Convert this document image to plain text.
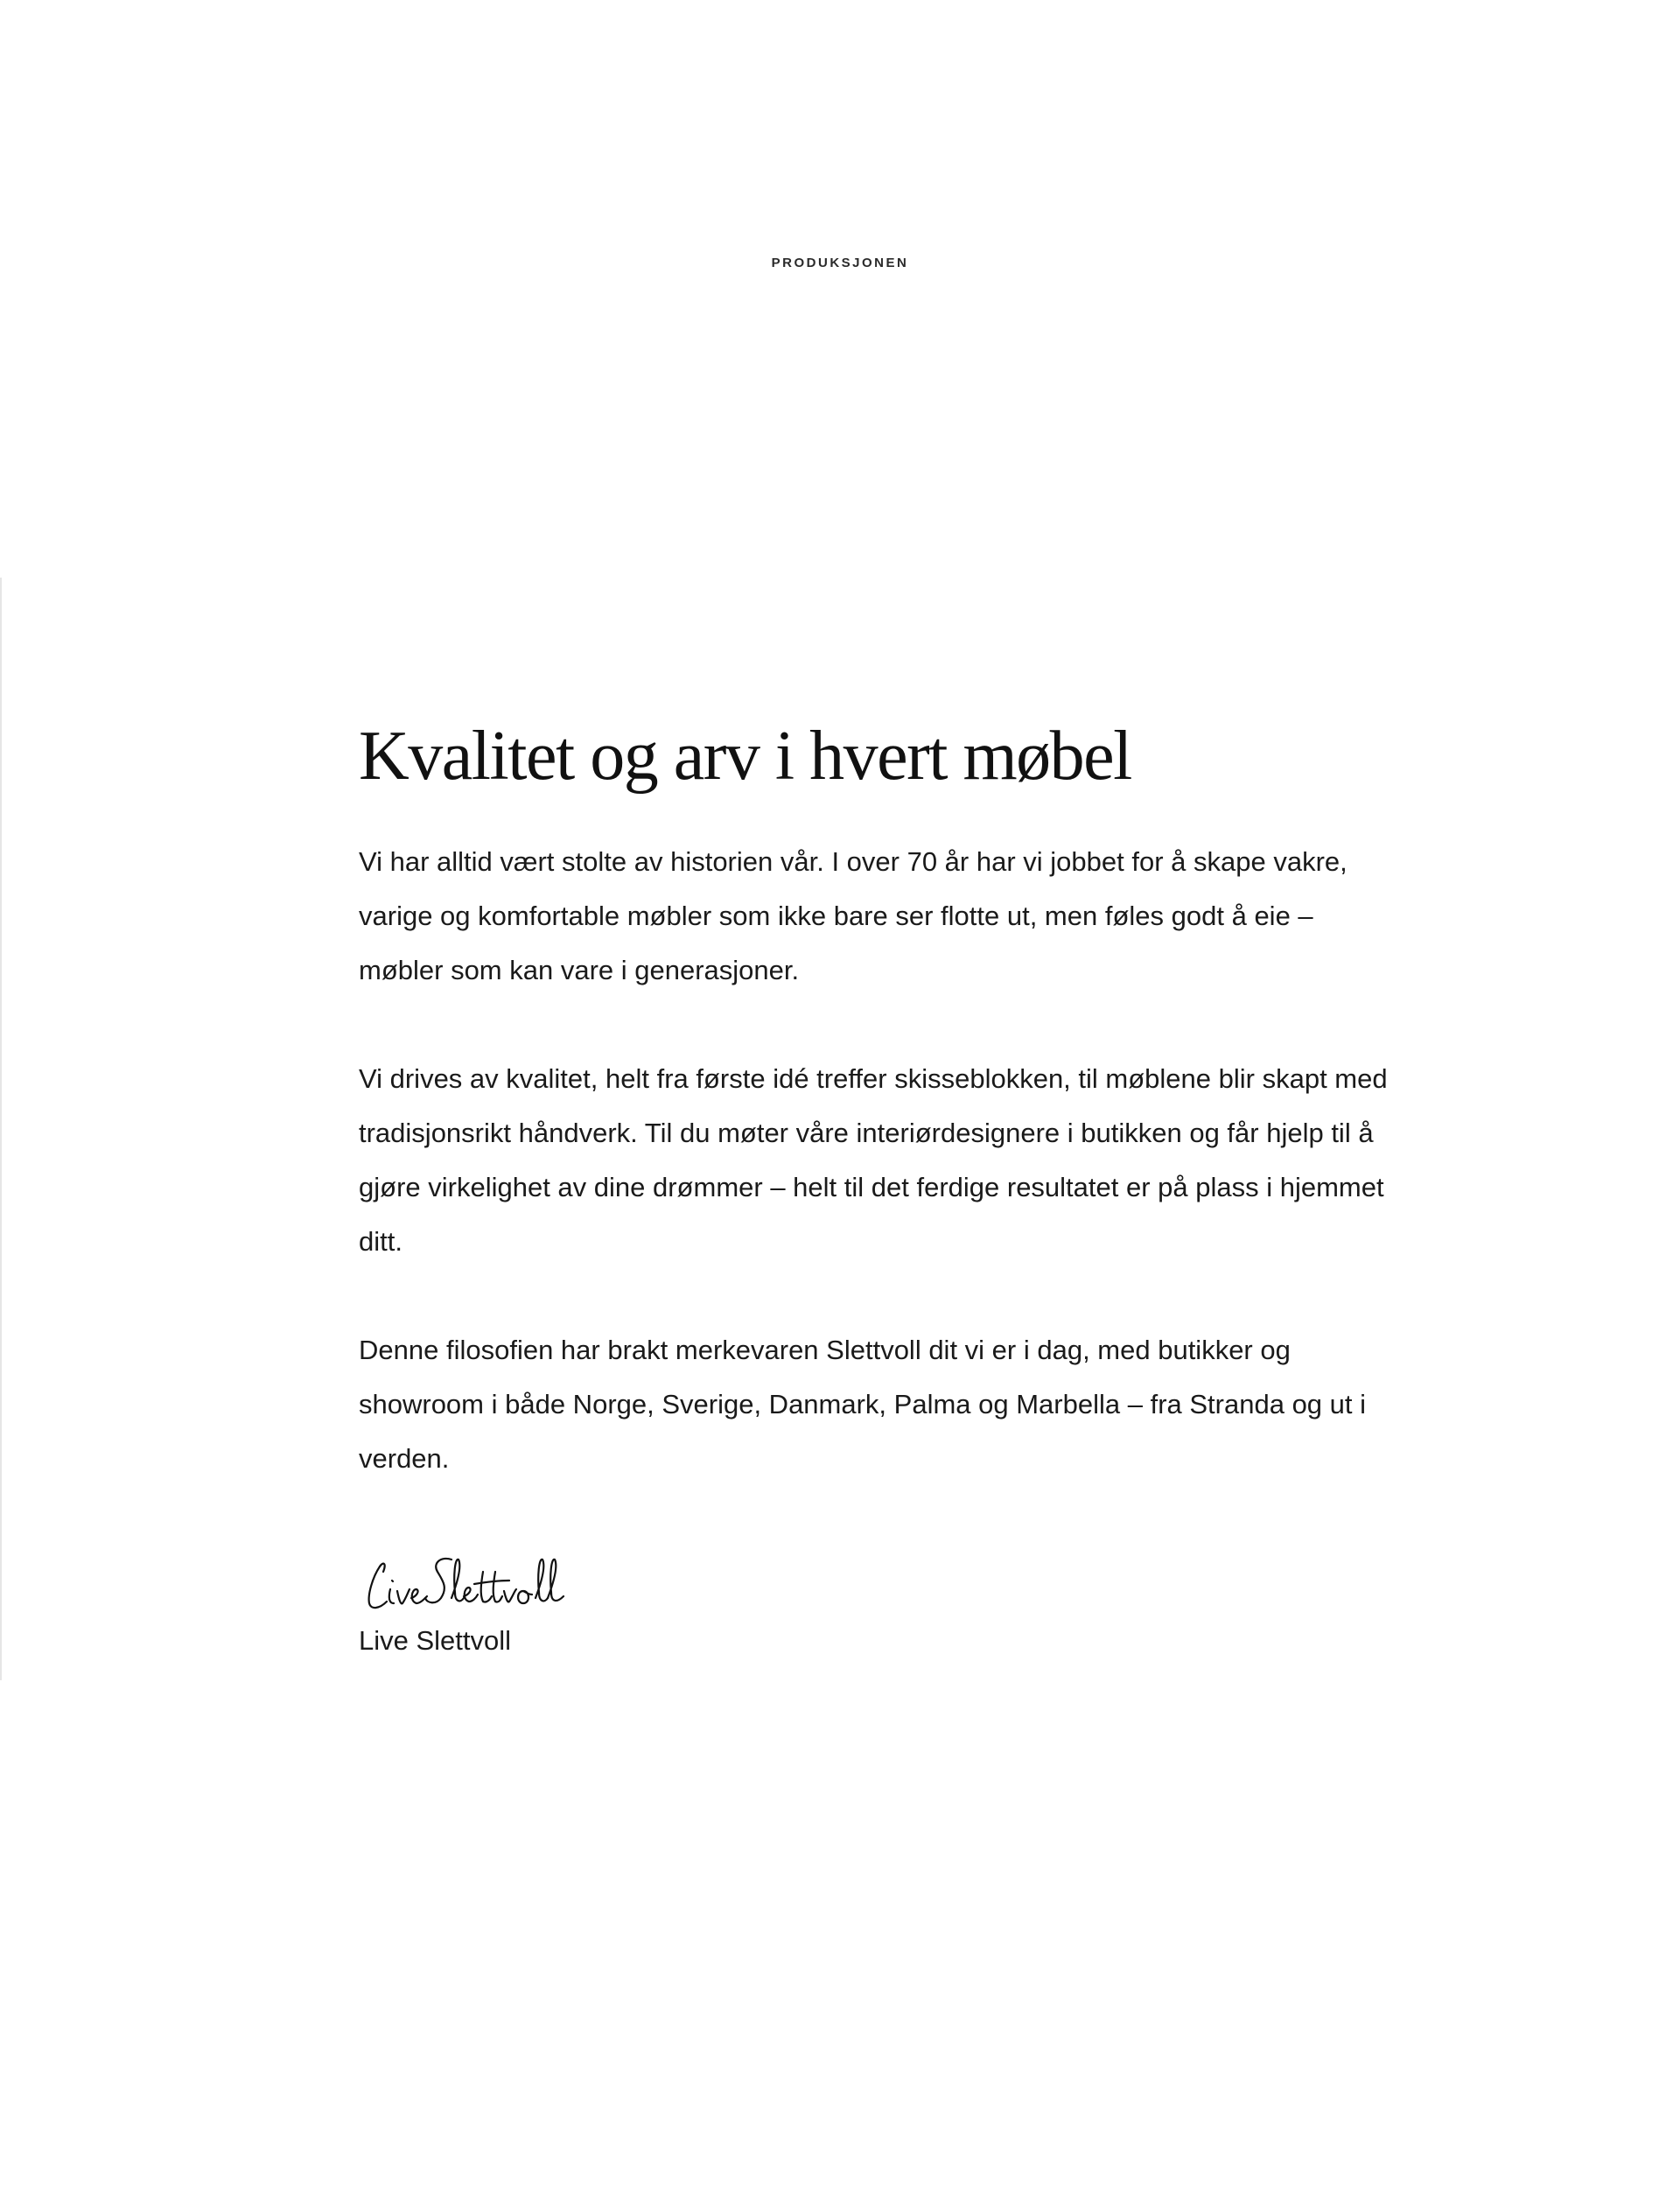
PRODUKSJONEN

Kvalitet og arv i hvert møbel

Vi har alltid vært stolte av historien vår. I over 70 år har vi jobbet for å skape vakre, varige og komfortable møbler som ikke bare ser flotte ut, men føles godt å eie – møbler som kan vare i generasjoner.

Vi drives av kvalitet, helt fra første idé treffer skisseblokken, til møblene blir skapt med tradisjonsrikt håndverk. Til du møter våre interiørdesignere i butikken og får hjelp til å gjøre virkelighet av dine drømmer – helt til det ferdige resultatet er på plass i hjemmet ditt.

Denne filosofien har brakt merkevaren Slettvoll dit vi er i dag, med butikker og showroom i både Norge, Sverige, Danmark, Palma og Marbella – fra Stranda og ut i verden.

Live Slettvoll
